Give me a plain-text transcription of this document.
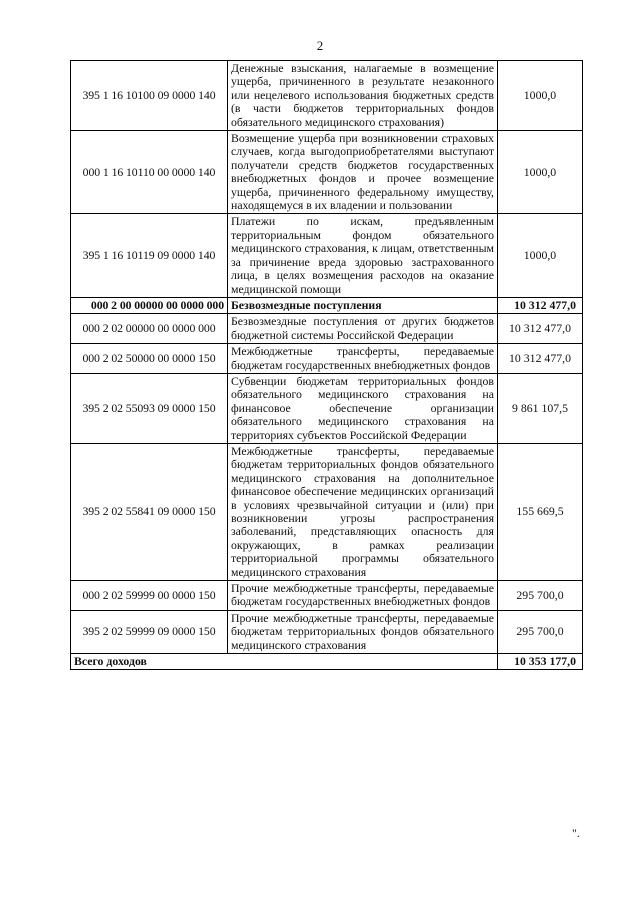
2
395 1 16 10100 09 0000 140	Денежные взыскания, налагаемые в возмещение ущерба, причиненного в результате незаконного или нецелевого использования бюджетных средств (в части бюджетов территориальных фондов обязательного медицинского страхования)	1000,0
000 1 16 10110 00 0000 140	Возмещение ущерба при возникновении страховых случаев, когда выгодоприобретателями выступают получатели средств бюджетов государственных внебюджетных фондов и прочее возмещение ущерба, причиненного федеральному имуществу, находящемуся в их владении и пользовании	1000,0
395 1 16 10119 09 0000 140	Платежи по искам, предъявленным территориальным фондом обязательного медицинского страхования, к лицам, ответственным за причинение вреда здоровью застрахованного лица, в целях возмещения расходов на оказание медицинской помощи	1000,0
000 2 00 00000 00 0000 000	Безвозмездные поступления	10 312 477,0
000 2 02 00000 00 0000 000	Безвозмездные поступления от других бюджетов бюджетной системы Российской Федерации	10 312 477,0
000 2 02 50000 00 0000 150	Межбюджетные трансферты, передаваемые бюджетам государственных внебюджетных фондов	10 312 477,0
395 2 02 55093 09 0000 150	Субвенции бюджетам территориальных фондов обязательного медицинского страхования на финансовое обеспечение организации обязательного медицинского страхования на территориях субъектов Российской Федерации	9 861 107,5
395 2 02 55841 09 0000 150	Межбюджетные трансферты, передаваемые бюджетам территориальных фондов обязательного медицинского страхования на дополнительное финансовое обеспечение медицинских организаций в условиях чрезвычайной ситуации и (или) при возникновении угрозы распространения заболеваний, представляющих опасность для окружающих, в рамках реализации территориальной программы обязательного медицинского страхования	155 669,5
000 2 02 59999 00 0000 150	Прочие межбюджетные трансферты, передаваемые бюджетам государственных внебюджетных фондов	295 700,0
395 2 02 59999 09 0000 150	Прочие межбюджетные трансферты, передаваемые бюджетам территориальных фондов обязательного медицинского страхования	295 700,0
Всего доходов		10 353 177,0
".
